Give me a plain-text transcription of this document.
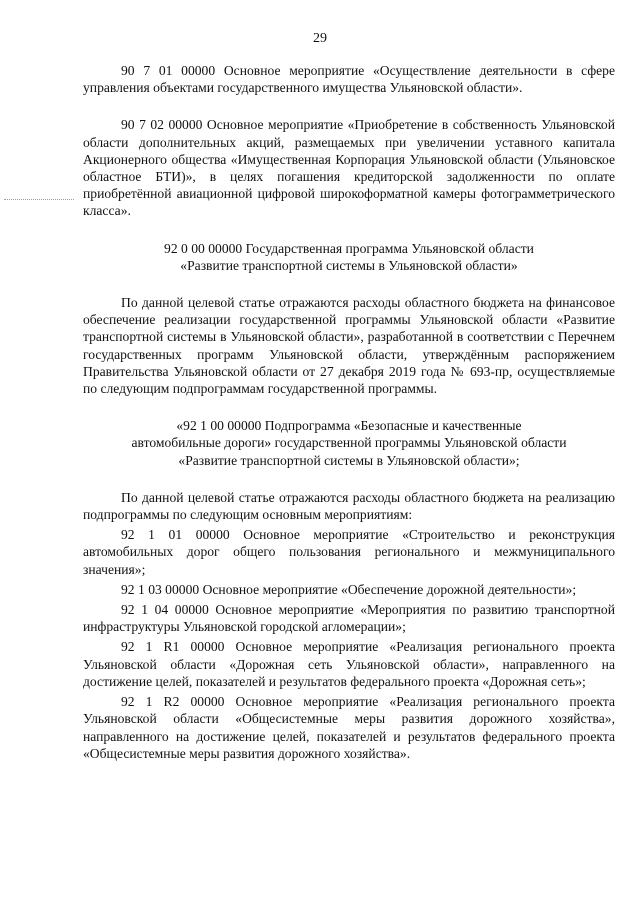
29

90 7 01 00000 Основное мероприятие «Осуществление деятельности в сфере управления объектами государственного имущества Ульяновской области».

90 7 02 00000 Основное мероприятие «Приобретение в собственность Ульяновской области дополнительных акций, размещаемых при увеличении уставного капитала Акционерного общества «Имущественная Корпорация Ульяновской области (Ульяновское областное БТИ)», в целях погашения кредиторской задолженности по оплате приобретённой авиационной цифровой широкоформатной камеры фотограмметрического класса».

92 0 00 00000 Государственная программа Ульяновской области

«Развитие транспортной системы в Ульяновской области»

По данной целевой статье отражаются расходы областного бюджета на финансовое обеспечение реализации государственной программы Ульяновской области «Развитие транспортной системы в Ульяновской области», разработанной в соответствии с Перечнем государственных программ Ульяновской области, утверждённым распоряжением Правительства Ульяновской области от 27 декабря 2019 года № 693-пр, осуществляемые по следующим подпрограммам государственной программы.

«92 1 00 00000 Подпрограмма «Безопасные и качественные

автомобильные дороги» государственной программы Ульяновской области

«Развитие транспортной системы в Ульяновской области»;

По данной целевой статье отражаются расходы областного бюджета на реализацию подпрограммы по следующим основным мероприятиям:

92 1 01 00000 Основное мероприятие «Строительство и реконструкция автомобильных дорог общего пользования регионального и межмуниципального значения»;

92 1 03 00000 Основное мероприятие «Обеспечение дорожной деятельности»;

92 1 04 00000 Основное мероприятие «Мероприятия по развитию транспортной инфраструктуры Ульяновской городской агломерации»;

92 1 R1 00000 Основное мероприятие «Реализация регионального проекта Ульяновской области «Дорожная сеть Ульяновской области», направленного на достижение целей, показателей и результатов федерального проекта «Дорожная сеть»;

92 1 R2 00000 Основное мероприятие «Реализация регионального проекта Ульяновской области «Общесистемные меры развития дорожного хозяйства», направленного на достижение целей, показателей и результатов федерального проекта «Общесистемные меры развития дорожного хозяйства».
